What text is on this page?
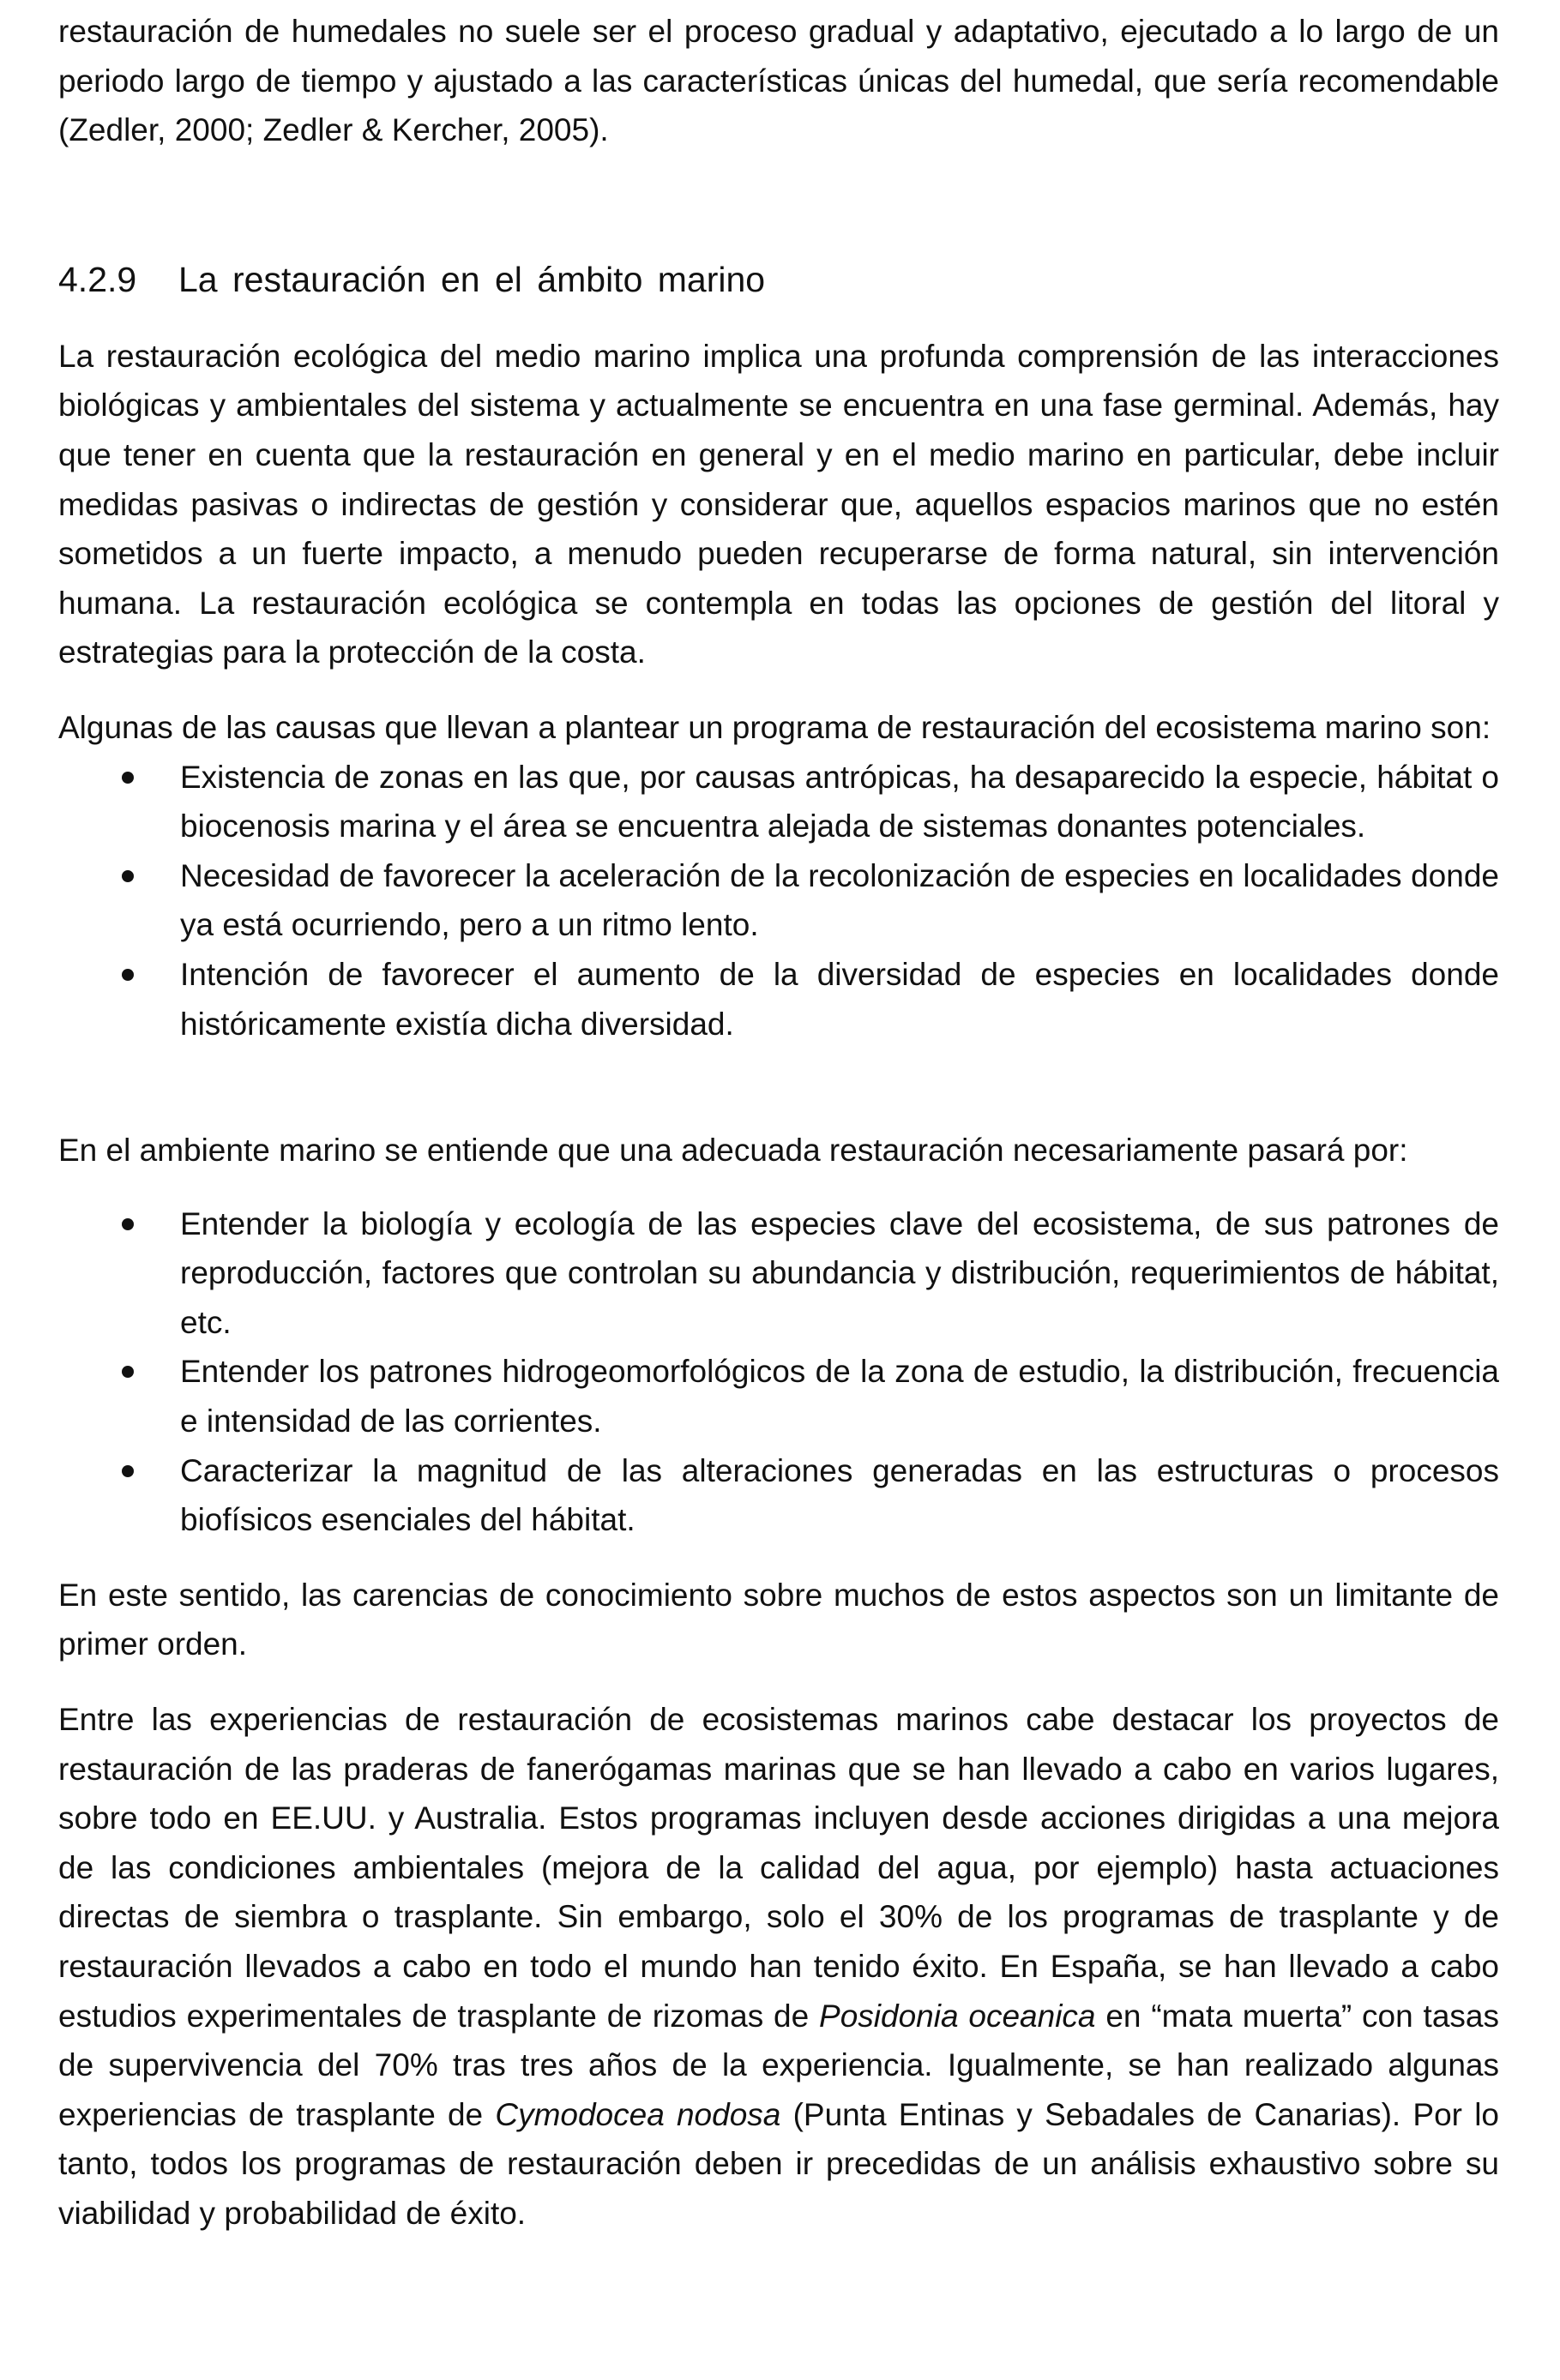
restauración de humedales no suele ser el proceso gradual y adaptativo, ejecutado a lo largo de un periodo largo de tiempo y ajustado a las características únicas del humedal, que sería recomendable (Zedler, 2000; Zedler & Kercher, 2005).

4.2.9 La restauración en el ámbito marino

La restauración ecológica del medio marino implica una profunda comprensión de las interacciones biológicas y ambientales del sistema y actualmente se encuentra en una fase germinal. Además, hay que tener en cuenta que la restauración en general y en el medio marino en particular, debe incluir medidas pasivas o indirectas de gestión y considerar que, aquellos espacios marinos que no estén sometidos a un fuerte impacto, a menudo pueden recuperarse de forma natural, sin intervención humana. La restauración ecológica se contempla en todas las opciones de gestión del litoral y estrategias para la protección de la costa.

Algunas de las causas que llevan a plantear un programa de restauración del ecosistema marino son:

Existencia de zonas en las que, por causas antrópicas, ha desaparecido la especie, hábitat o biocenosis marina y el área se encuentra alejada de sistemas donantes potenciales.
Necesidad de favorecer la aceleración de la recolonización de especies en localidades donde ya está ocurriendo, pero a un ritmo lento.
Intención de favorecer el aumento de la diversidad de especies en localidades donde históricamente existía dicha diversidad.

En el ambiente marino se entiende que una adecuada restauración necesariamente pasará por:

Entender la biología y ecología de las especies clave del ecosistema, de sus patrones de reproducción, factores que controlan su abundancia y distribución, requerimientos de hábitat, etc.
Entender los patrones hidrogeomorfológicos de la zona de estudio, la distribución, frecuencia e intensidad de las corrientes.
Caracterizar la magnitud de las alteraciones generadas en las estructuras o procesos biofísicos esenciales del hábitat.

En este sentido, las carencias de conocimiento sobre muchos de estos aspectos son un limitante de primer orden.

Entre las experiencias de restauración de ecosistemas marinos cabe destacar los proyectos de restauración de las praderas de fanerógamas marinas que se han llevado a cabo en varios lugares, sobre todo en EE.UU. y Australia. Estos programas incluyen desde acciones dirigidas a una mejora de las condiciones ambientales (mejora de la calidad del agua, por ejemplo) hasta actuaciones directas de siembra o trasplante. Sin embargo, solo el 30% de los programas de trasplante y de restauración llevados a cabo en todo el mundo han tenido éxito. En España, se han llevado a cabo estudios experimentales de trasplante de rizomas de Posidonia oceanica en “mata muerta” con tasas de supervivencia del 70% tras tres años de la experiencia. Igualmente, se han realizado algunas experiencias de trasplante de Cymodocea nodosa (Punta Entinas y Sebadales de Canarias). Por lo tanto, todos los programas de restauración deben ir precedidas de un análisis exhaustivo sobre su viabilidad y probabilidad de éxito.
